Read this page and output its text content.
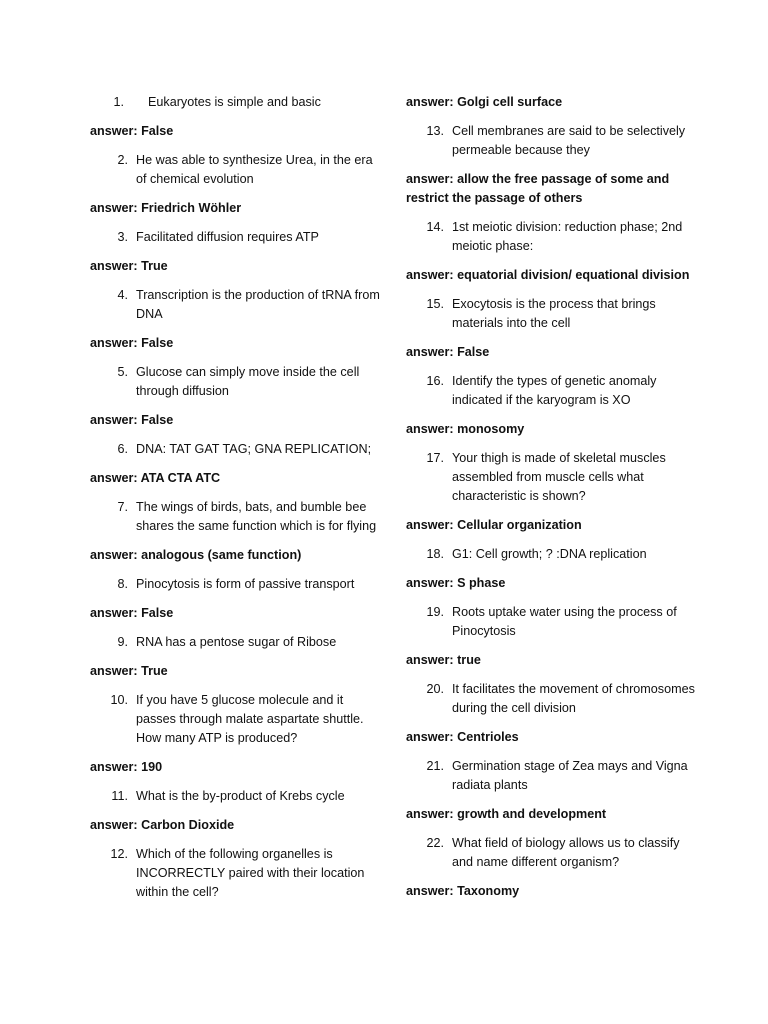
1.	Eukaryotes is simple and basic
answer: False
2. He was able to synthesize Urea, in the era of chemical evolution
answer: Friedrich Wöhler
3. Facilitated diffusion requires ATP
answer: True
4. Transcription is the production of tRNA from DNA
answer: False
5. Glucose can simply move inside the cell through diffusion
answer: False
6. DNA: TAT GAT TAG; GNA REPLICATION;
answer: ATA CTA ATC
7. The wings of birds, bats, and bumble bee shares the same function which is for flying
answer: analogous (same function)
8. Pinocytosis is form of passive transport
answer: False
9. RNA has a pentose sugar of Ribose
answer: True
10. If you have 5 glucose molecule and it passes through malate aspartate shuttle. How many ATP is produced?
answer: 190
11. What is the by-product of Krebs cycle
answer: Carbon Dioxide
12. Which of the following organelles is INCORRECTLY paired with their location within the cell?
answer: Golgi cell surface
13. Cell membranes are said to be selectively permeable because they
answer: allow the free passage of some and restrict the passage of others
14. 1st meiotic division: reduction phase; 2nd meiotic phase:
answer: equatorial division/ equational division
15. Exocytosis is the process that brings materials into the cell
answer: False
16. Identify the types of genetic anomaly indicated if the karyogram is XO
answer: monosomy
17. Your thigh is made of skeletal muscles assembled from muscle cells what characteristic is shown?
answer: Cellular organization
18. G1: Cell growth; ? :DNA replication
answer: S phase
19. Roots uptake water using the process of Pinocytosis
answer: true
20. It facilitates the movement of chromosomes during the cell division
answer: Centrioles
21. Germination stage of Zea mays and Vigna radiata plants
answer: growth and development
22. What field of biology allows us to classify and name different organism?
answer: Taxonomy
